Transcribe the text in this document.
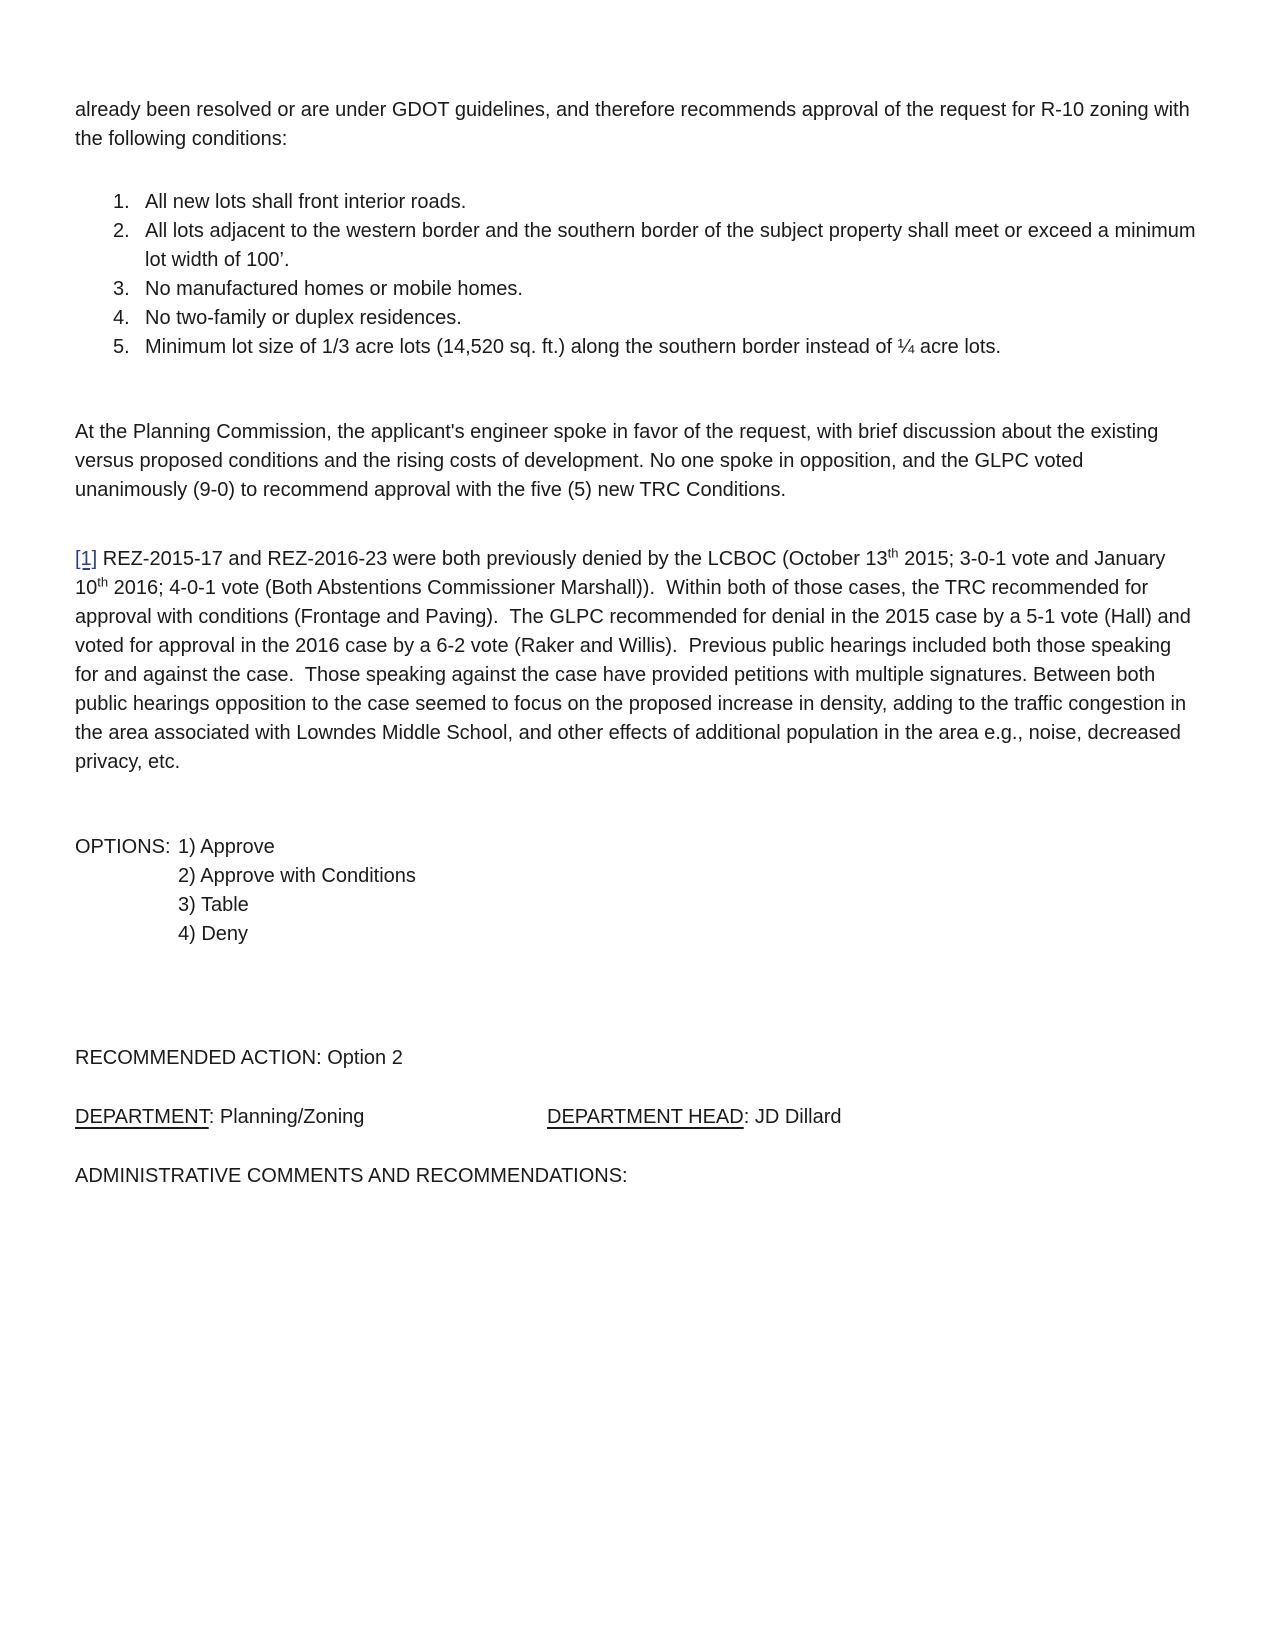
already been resolved or are under GDOT guidelines, and therefore recommends approval of the request for R-10 zoning with the following conditions:

1. All new lots shall front interior roads.
2. All lots adjacent to the western border and the southern border of the subject property shall meet or exceed a minimum lot width of 100’.
3. No manufactured homes or mobile homes.
4. No two-family or duplex residences.
5. Minimum lot size of 1/3 acre lots (14,520 sq. ft.) along the southern border instead of ¼ acre lots.

At the Planning Commission, the applicant's engineer spoke in favor of the request, with brief discussion about the existing versus proposed conditions and the rising costs of development. No one spoke in opposition, and the GLPC voted unanimously (9-0) to recommend approval with the five (5) new TRC Conditions.

[1] REZ-2015-17 and REZ-2016-23 were both previously denied by the LCBOC (October 13th 2015; 3-0-1 vote and January 10th 2016; 4-0-1 vote (Both Abstentions Commissioner Marshall)).  Within both of those cases, the TRC recommended for approval with conditions (Frontage and Paving).  The GLPC recommended for denial in the 2015 case by a 5-1 vote (Hall) and voted for approval in the 2016 case by a 6-2 vote (Raker and Willis).  Previous public hearings included both those speaking for and against the case.  Those speaking against the case have provided petitions with multiple signatures. Between both public hearings opposition to the case seemed to focus on the proposed increase in density, adding to the traffic congestion in the area associated with Lowndes Middle School, and other effects of additional population in the area e.g., noise, decreased privacy, etc.

OPTIONS: 1) Approve
2) Approve with Conditions
3) Table
4) Deny

RECOMMENDED ACTION: Option 2

DEPARTMENT: Planning/Zoning	DEPARTMENT HEAD: JD Dillard

ADMINISTRATIVE COMMENTS AND RECOMMENDATIONS:
